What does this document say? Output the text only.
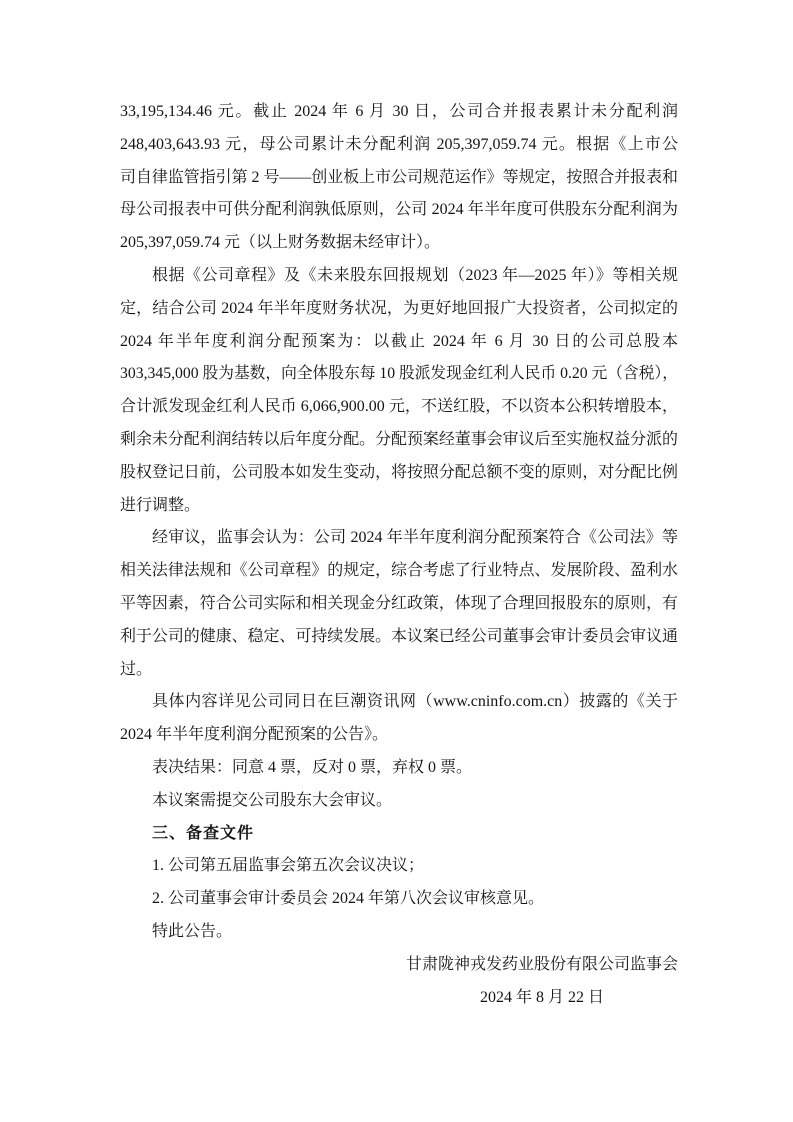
33,195,134.46 元。截止 2024 年 6 月 30 日，公司合并报表累计未分配利润
248,403,643.93 元，母公司累计未分配利润 205,397,059.74 元。根据《上市公
司自律监管指引第 2 号——创业板上市公司规范运作》等规定，按照合并报表和
母公司报表中可供分配利润孰低原则，公司 2024 年半年度可供股东分配利润为
205,397,059.74 元（以上财务数据未经审计）。
根据《公司章程》及《未来股东回报规划（2023 年—2025 年）》等相关规
定，结合公司 2024 年半年度财务状况，为更好地回报广大投资者，公司拟定的
2024 年半年度利润分配预案为：以截止 2024 年 6 月 30 日的公司总股本
303,345,000 股为基数，向全体股东每 10 股派发现金红利人民币 0.20 元（含税），
合计派发现金红利人民币 6,066,900.00 元，不送红股，不以资本公积转增股本，
剩余未分配利润结转以后年度分配。分配预案经董事会审议后至实施权益分派的
股权登记日前，公司股本如发生变动，将按照分配总额不变的原则，对分配比例
进行调整。
经审议，监事会认为：公司 2024 年半年度利润分配预案符合《公司法》等
相关法律法规和《公司章程》的规定，综合考虑了行业特点、发展阶段、盈利水
平等因素，符合公司实际和相关现金分红政策，体现了合理回报股东的原则，有
利于公司的健康、稳定、可持续发展。本议案已经公司董事会审计委员会审议通
过。
具体内容详见公司同日在巨潮资讯网（www.cninfo.com.cn）披露的《关于
2024 年半年度利润分配预案的公告》。
表决结果：同意 4 票，反对 0 票，弃权 0 票。
本议案需提交公司股东大会审议。
三、备查文件
1. 公司第五届监事会第五次会议决议；
2. 公司董事会审计委员会 2024 年第八次会议审核意见。
特此公告。
甘肃陇神戎发药业股份有限公司监事会
2024 年 8 月 22 日
